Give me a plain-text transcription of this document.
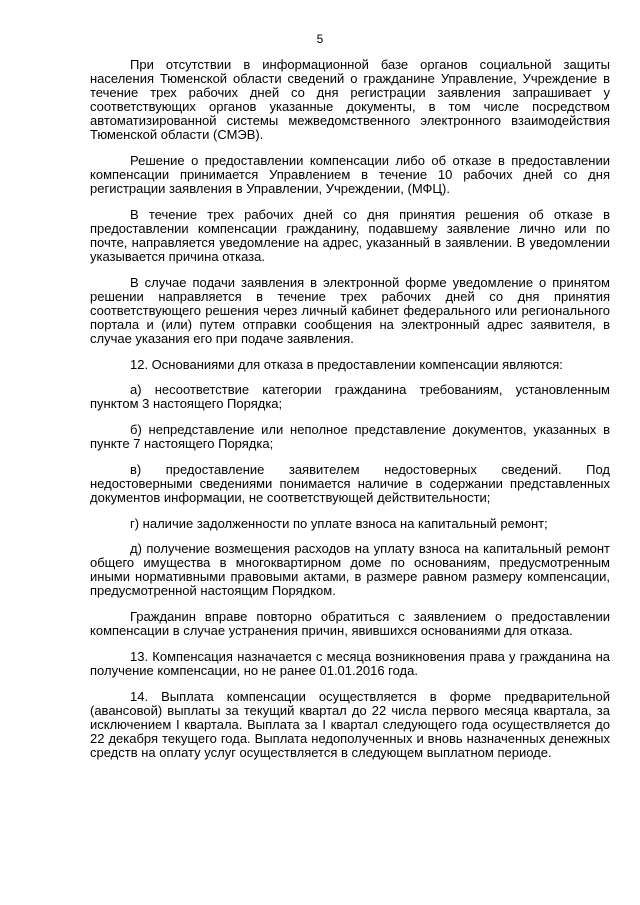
5

При отсутствии в информационной базе органов социальной защиты населения Тюменской области сведений о гражданине Управление, Учреждение в течение трех рабочих дней со дня регистрации заявления запрашивает у соответствующих органов указанные документы, в том числе посредством автоматизированной системы межведомственного электронного взаимодействия Тюменской области (СМЭВ).

Решение о предоставлении компенсации либо об отказе в предоставлении компенсации принимается Управлением в течение 10 рабочих дней со дня регистрации заявления в Управлении, Учреждении, (МФЦ).

В течение трех рабочих дней со дня принятия решения об отказе в предоставлении компенсации гражданину, подавшему заявление лично или по почте, направляется уведомление на адрес, указанный в заявлении. В уведомлении указывается причина отказа.

В случае подачи заявления в электронной форме уведомление о принятом решении направляется в течение трех рабочих дней со дня принятия соответствующего решения через личный кабинет федерального или регионального портала и (или) путем отправки сообщения на электронный адрес заявителя, в случае указания его при подаче заявления.

12. Основаниями для отказа в предоставлении компенсации являются:

а) несоответствие категории гражданина требованиям, установленным пунктом 3 настоящего Порядка;

б) непредставление или неполное представление документов, указанных в пункте 7 настоящего Порядка;

в) предоставление заявителем недостоверных сведений. Под недостоверными сведениями понимается наличие в содержании представленных документов информации, не соответствующей действительности;

г) наличие задолженности по уплате взноса на капитальный ремонт;

д) получение возмещения расходов на уплату взноса на капитальный ремонт общего имущества в многоквартирном доме по основаниям, предусмотренным иными нормативными правовыми актами, в размере равном размеру компенсации, предусмотренной настоящим Порядком.

Гражданин вправе повторно обратиться с заявлением о предоставлении компенсации в случае устранения причин, явившихся основаниями для отказа.

13. Компенсация назначается с месяца возникновения права у гражданина на получение компенсации, но не ранее 01.01.2016 года.

14. Выплата компенсации осуществляется в форме предварительной (авансовой) выплаты за текущий квартал до 22 числа первого месяца квартала, за исключением I квартала. Выплата за I квартал следующего года осуществляется до 22 декабря текущего года. Выплата недополученных и вновь назначенных денежных средств на оплату услуг осуществляется в следующем выплатном периоде.
